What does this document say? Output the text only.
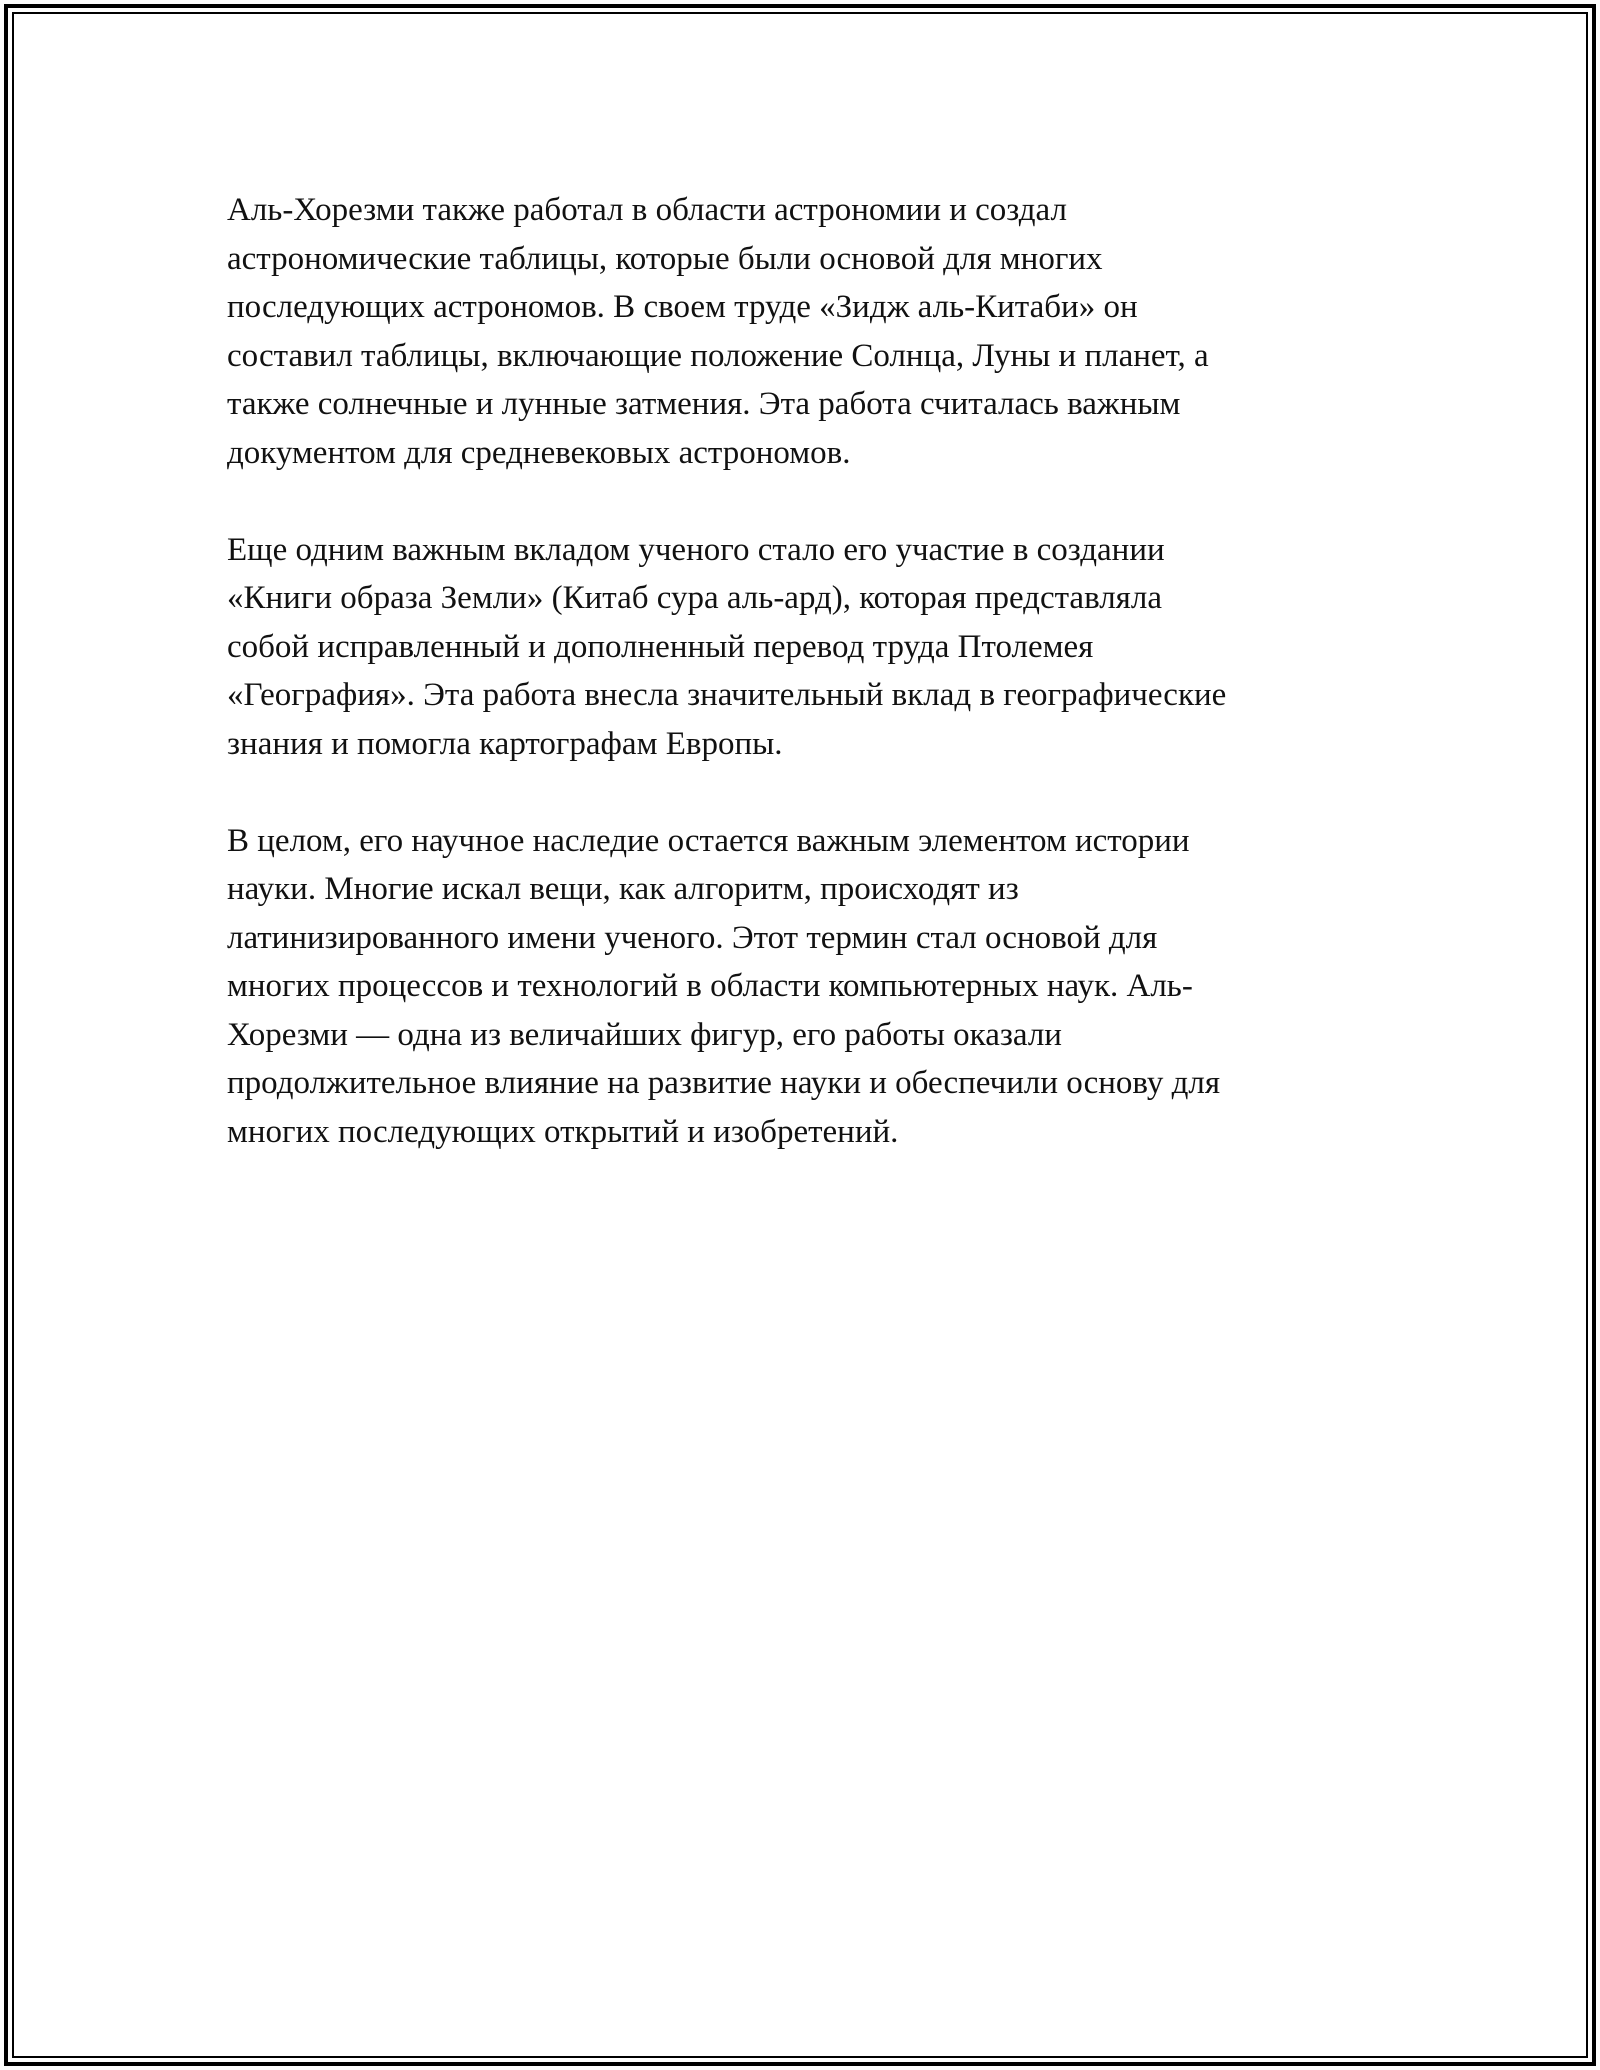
Аль-Хорезми также работал в области астрономии и создал
астрономические таблицы, которые были основой для многих
последующих астрономов. В своем труде «Зидж аль-Китаби» он
составил таблицы, включающие положение Солнца, Луны и планет, а
также солнечные и лунные затмения. Эта работа считалась важным
документом для средневековых астрономов.

Еще одним важным вкладом ученого стало его участие в создании
«Книги образа Земли» (Китаб сура аль-ард), которая представляла
собой исправленный и дополненный перевод труда Птолемея
«География». Эта работа внесла значительный вклад в географические
знания и помогла картографам Европы.

В целом, его научное наследие остается важным элементом истории
науки. Многие искал вещи, как алгоритм, происходят из
латинизированного имени ученого. Этот термин стал основой для
многих процессов и технологий в области компьютерных наук. Аль-
Хорезми — одна из величайших фигур, его работы оказали
продолжительное влияние на развитие науки и обеспечили основу для
многих последующих открытий и изобретений.
